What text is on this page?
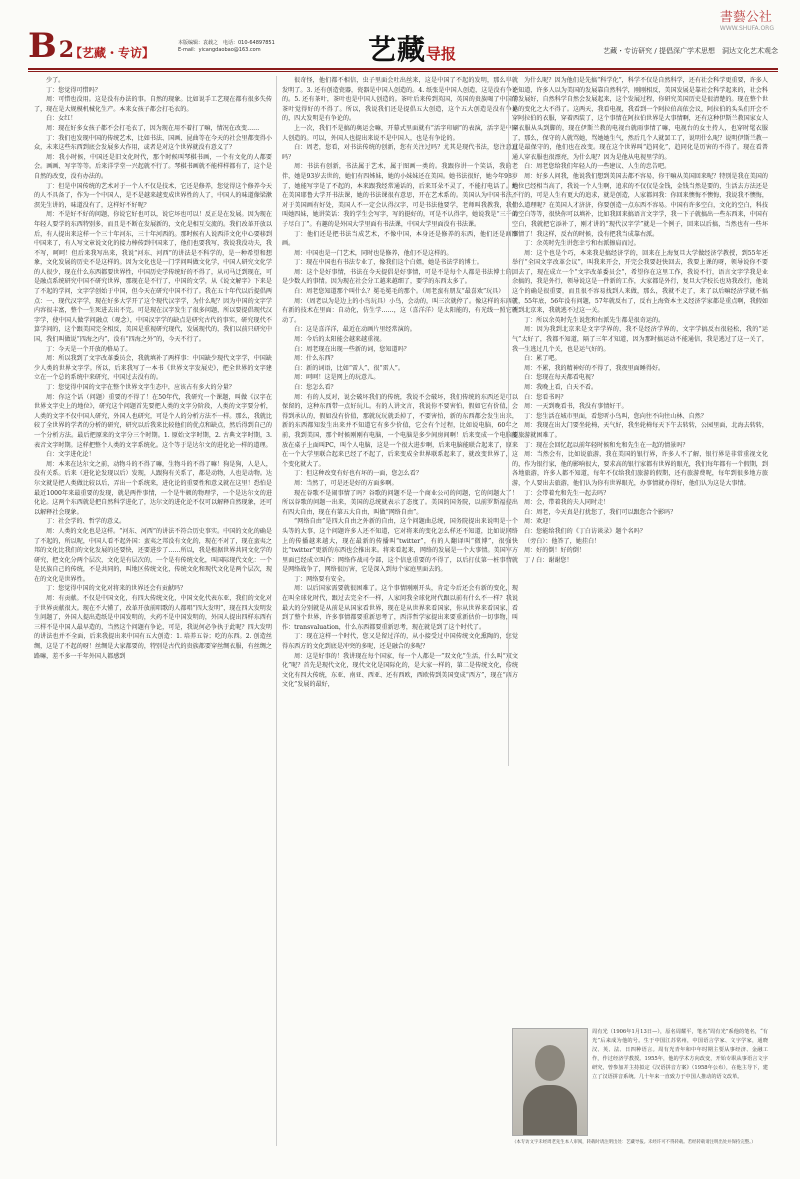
B2
【艺藏・专访】
本版编辑：袁载之　电话：010-64897851
E-mail：yicangdaobao@163.com	艺藏导报	艺藏・专访研究 / 提倡深广学术思想　洞达文化艺术观念
書藝公社
WWW.SHUFA.ORG

少了。

丁：您觉得可惜吗？

周：可惜也没用。这是没有办法的事。自然的现象。比如说手工艺现在都有很多失传了，现在是大规模机械化生产。本来女孩子都会打毛衣的。

白：女红！

周：现在好多女孩子都不会打毛衣了，因为现在用不着打了嘛，情况在改变……

丁：我们也发现中国的传统艺术，比如书法、国画、昆曲等在今天的社会里都变得小众，未来这些东西到底会发展多大作用，或者是对这个世界就没有意义了？

周：我小时候，中国还是旧文化时代，那个时候叫琴棋书画，一个有文化的人都要会。画画、写字等等。后来洋学堂一兴起就不行了。琴棋书画就不能样样都有了，这个是自然的改变，没有办法的。

丁：但是中国传统的艺术对于一个人不仅是技术，它还是修养，您觉得这个修养今天的人不具备了，作为一个中国人，是不是越来越变成世界性的人了，中国人的味道像梁漱溟先生讲的，味道没有了，这样好不好呢？

周：不是好不好的问题，你说它好也可以，说它坏也可以！反正是在发展。因为现在年轻人要学的东西特别多，而且是不断在发展新的，文化是相互交流的。我们改革开放以后，有人提出来这样一个三十年河东，三十年河西的。那时候有人说西洋文化中心要移到中国来了，有人写文章说文化的接力棒传到中国来了，他们也要我写，我说我没功夫，我不写，呵呵！但后来我写出来，我说“河东、河西”的讲法是不科学的，是一种希望和想象，文化发展的历史不是这样的。因为文化也是一门学问叫做文化学，中国人研究文化学的人很少，现在什么东西都要世界性，中国历史学传统好的不得了，从司马迁到现在，可是融点系统研究中国不研究世界，那现在是不行了，中国的文学，从《说文解字》下来是了不起的学问，文字学创始于中国，但今天在研究中国不行了。我在五十年代以后提倡两点：一、现代汉字学，现在好多大学开了这个现代汉字学，为什么呢？因为中国的文字学内容很丰富，整个一生死进去出不完。可是现在汉字发生了很多问题，所以要提倡现代汉字学，使中国人做学问融点（观念），中国汉字学的缺点是研究古代的事实，研究现代不算学问的，这个跟美国完全相反，美国是重视研究现代，发展现代的，我们以前只研究中国，我们叫做说“四海之内”，没有“四海之外”的，今天不行了。

丁：今天是一个开放的格局了。

周：所以我到了文字改革委员会，我就填补了两样事：中国缺少现代文字学，中国缺少人类的世界文字学。所以，后来我写了一本书《世界文字发展史》，把全世界的文字建立在一个总的系统中来研究，中国过去没有的。

丁：您觉得中国的文字在整个世界文字生态中，应该占有多大的分量？

周：你这个话（问题）重要的不得了！在50年代，我研究一个课题，叫做《汉字在世界文字史上的地位》，研究这个问题首先要把人类的文字分阶段，人类的文字要分析，人类的文字不仅中国人研究，外国人也研究，可是个人的分析方法不一样。那么，我就比较了全世界的学者的分析的研究，研究以后我来比较他们的优点和缺点，然后得到自己的一个分析方法。最后把原来的文字分三个时期。1. 原始文字时期，2. 古典文字时期，3. 表音文字时期。这样把整个人类的文字系统化。这个等于是达尔文的进化论一样的道理。

白：文字进化论！

周：本来在达尔文之前，动物斗的不得了嘛，生物斗的不得了嘛！狗是狗，人是人，没有关系。后来（进化论发现以后）发现，人跟狗有关系了，都是动物，人也是动物。达尔文就是把人类做比较以后，弄出一个系统来，进化论的重要性和意义就在这里！恐怕是最近1000年来最重要的发现，就是两件事情，一个是牛顿的物理学，一个是达尔文的进化论。这两个东西就是把自然科学进化了，达尔文的进化论不仅可以解释自然现象，还可以解释社会现象。

丁：社会学的、哲学的意义。

周：人类的文化也是这样。“河东、河西”的讲法不符合历史事实。中国的文化的确是了不起的，所以呢，中国人看不起外国：蛮夷之邦没有文化的，现在不对了，现在蛮夷之邦的文化比我们的文化发展的还要快，还要进步了……所以，我是根据世界共同文化学的研究，把文化分两个层次，文化是有层次的，一个是有传统文化，叫国际现代文化：一个是民族自己的传统，不是共同的，叫地区传统文化，传统文化和现代文化是两个层次，现在的文化是世界性。

丁：您觉得中国的文化对将来的世界还会有贡献吗？

周：有贡献。不仅是中国文化，有四大传统文化，中国文化代表东亚，我们的文化对于世界贡献很大。现在不大懂了，改革开放前唱歌的人都唱“四大发明”，现在四大发明发生问题了，外国人提出造纸是中国发明的，火药不是中国发明的，外国人提出四样东西有三样不是中国人最早造的，当然这个问题有争论，可是，我说何必争执于此呢？四大发明的讲法也并不全面，后来我提出来中国有五大创造：1. 培养五谷；吃的东西。2. 创造丝绸，这是了不起的呀！丝绸是大家都要的，特别是古代的贵族都要穿丝绸衣服，有丝绸之路嘛，差不多一千年外国人都感到

很奇怪，他们都不相信，虫子里面会吐出丝来，这是中国了不起的发明，那么早就发明了。3. 还有创造瓷器，瓷器是中国人创造的。4. 纸张是中国人创造，这是没有争论的。5. 还有茶叶，茶叶也是中国人创造的。茶叶后来传到英国，英国的贵族喝了中国的茶叶觉得好的不得了。所以，我说我们还是提倡五大创造，这个五大创造是没有争论的，四大发明是有争论的。

上一次，我们不是搞的奥运会嘛，开幕式里面就有“活字印刷”的表演，活字是中国人创造的。可以，外国人也提出来说不是中国人，也是有争论的。

白：周老，您看，对书法传统的创新，您有关注过吗？尤其是现代书法，您注意过吗？

周：书法有创新，书法属于艺术，属于图画一类的。我跟你讲一个笑话，我的老伴，她是93岁去世的，她们有四姊妹，她的小妹妹还在美国。她书法很好，她今年98岁了，她能写字是了不起的，本来跟我经常通话的，后来耳朵不灵了，不能打电话了。她在美国耶鲁大学开书法课，她的书法课很有意思，开在艺术系的。美国认为中国书法，对于美国画有好处，美国人不一定会认得汉字，可是书法他要学，老师叫我教我，我们叫她四妹，她讲笑话：我的学生会写字，写的挺好的，可是不认得字，她说我是“三千弟子尽白丁”。有趣的是外国大学里面有书法课，中国大学里面没有书法课。

丁：他们还是把书法当成艺术，不像中国，本身还是修养的东西，他们还是画图画。

周：中国也是一门艺术，同时也是修养，他们不是这样的。

丁：现在中国也有书法专业了，像我们这个白姐，她是书法学的博士。

周：这个是好事情，书法在今天提倡是好事情，可是不是每个人都是书法博士的，是少数人的事情。因为现在社会分工越来越细了，要学的东西太多了。

白：周老您知道那个叫什么？冕毛冕毛的那个。（周老蛮有朋友“最喜欢”玩具）

周：（周老以为是边上的小鸟玩具）小鸟，会动的，叫三次就停了。像这样的东西就有新的技术在里面：自动化，仿生学……，这（喜洋洋）是太阳能的，有光线一照它就动了。

白：这是喜洋洋，最近在动画片里经常演的。

周：今后的太阳能会越来越重视。

白：周老现在出现一些新的词，您知道吗？

周：什么东西？

白：新的词语，比如“雷人”、很“雷人”。

周：呵呵！这是网上的玩意儿。

白：您怎么看？

周：有的人反对，说会破坏我们的传统，我说不会破坏，我们传统的东西还是可以保留的，这种东西带一点好玩儿。有的人讲文言，我说你不要害怕，假如它有价值，会得到承认的，假如没有价值，那就玩玩就丢掉了，不要害怕，新的东西都会发生出来，新的东西都知发生出来并不知道它有多少价值，它会有个过程，比如说电脑，60年之前，我到美国，那个时候刚刚有电脑，一个电脑是多少间房间啊！后来变成一个电脑能放在桌子上面叫PC，叫个人电脑，这是一个很大进步啊，后来电脑能联合起来了，原来在一个大学里联合起来已经了不起了，后来变成全世界联系起来了，就改变世界了，这个变化就大了。

丁：但这种改变有好也有坏的一面，您怎么看？

周：当然了，可是还是好的方面多啊。

现在谷歌不是闹事情了吗？谷歌的问题不是一个商业公司的问题，它的问题大了！所以谷歌的问题一出来，美国的总统就表示了态度了。美国的国务院，以前罗斯福提出有四大自由，现在有第五大自由，叫做“网络自由”。

“网络自由”是四大自由之外新的自由，这个问题曲总统，国务院提出来说明是一个头等的大事，这个问题许多人还不知道，它对将来的变化怎么样还不知道，比如说网络上的传播越来越大，现在最新的传播叫“twitter”，有的人翻译叫“微博”，很强快比“twitter”更新的东西也会推出来。将来看起来，网络的发展是一个大事情。美国军方里面已经成立叫作：网络作战司令部，这个信息重要的不得了，以后打仗第一桩事情就是网络战争了，网络很厉害，它是深入到每个家庭里面去的。

丁：网络要有安全。

周：以后国家需要就很困难了。这个事情刚刚开头，肯定今后还会有新的变化，现在叫全球化时代，跟过去完全不一样，人家问我全球化时代跟以前有什么不一样？我说最大的分别就是从前是从国家看世界，现在是从世界来看国家，你从世界来看国家，看到了整个世界，许多事情都要重新思考了，西洋哲学家提出来要重新估价一切事物，叫作：transvaluation，什么东西都要重新思考，现在就是到了这个时代了。

丁：现在这样一个时代，您又是留过洋的，从小接受过中国传统文化熏陶的，您觉得东西方的文化到底是冲突的多呢，还是融合的多呢？

周：这是好事的！我讲现在每个国家，每一个人都是一“双文化”生活，什么叫“双文化”呢？首先是现代文化，现代文化是国际化的，是大家一样的，第二是传统文化，传统文化有四大传统，东亚、南亚、西亚、还有西欧，西欧传到美国变成“西方”，现在“西方文化”发展的最好，

为什么呢？因为他们是先搞“科学化”，科学不仅是自然科学，还有社会科学更重要，许多人不知道，许多人以为美国的发展靠自然科学，刚刚相反，美国发展是靠社会科学起来的，社会科学发展好，自然科学自然会发展起来，这个发展过程，你研究美国历史是很清楚的。现在整个世界的变化之大不得了。这两天，我看电视，我看到一个阿拉伯高依会议，阿拉伯的头头们开会不穿阿拉伯的衣服，穿着西装了，这个事情在阿拉伯世界是大事情啊，还有这种伊斯兰教国家女人穿衣服从头到脚的，现在伊斯兰教的电视台就雨事情了嘛，电视台的女主持人，也穿时髦衣服了，那么，保守的人就骂她，骂她她生气，然后几个人就罢工了，说明什么呢？说明伊斯兰教一直是最保守的，他们也在改变。现在这个世界叫“趋同化”，趋同化是历害的不得了。现在看普通人穿衣服也很漂亮，为什么呢？因为是他从电视里学的。

白：周老您给我们年轻人的一些建议、人生的忠告吧。

周：好多人问我，他说我们想到美国去都不容易，你干嘛从美国回来呢？特别是我在美国的地位已经相当高了，我说一个人生啊，追求的不仅仅是金钱，金钱当然是要的，生活去方法还是不行的，可是人生有更大的追求，就是创造，人家都问我：你回来懊悔不懊悔，我说我不懊悔，什么道理呢？在美国人才济济，你要创造一点东西不容易。中国有许多空白，文化的空白，科技的空白等等，很快你可以填补，比如我回来搞语言文字学，我一下子就搞出一些东西来，中国有空白，我就把它添补了，刚才讲的“现代汉字学”就是一个例子，回来以后搞，当然也有一些坏事情了！我这样，反右的时候，没有把我当成靠右派。

丁：余英时先生讲您幸亏和右派擦肩而过。

周：这个也是个巧，本来我是搞经济学的，回来在上海复旦大学做经济学教授，到55年还举行“全国文字改革会议”，叫我来开会，开完会我要赶快回去，我要上课的呀，领导说你不要回去了，现在成立一个“文字改革委员会”，希望你在这里工作，我说不行，语言文字学我是业余搞的，我是外行，领导说这是一件新的工作，大家都是外行，复旦大学校长也劝我改行，他说这个的确是很重要，而且很不容易找到人来做，那么，我就不走了，来了以后嘛经济学就不搞了，55年底，56年没有问题，57年就反右了，反右上海资本主义经济学家都是重点啊，我假如不到北京来，我就逃不过这一关。

丁：所以余英时先生说您和右派先生都是很奇运的。

周：因为我到北京来是文字学界的，我不是经济学界的，文字学搞反右很轻松，我的“运气”太好了，我都不知道，隔了三年才知道，因为那时搞运动不能通信，我是逃过了这一关了，我一生逃过几个关，也是运气好的。

白：累了吧。

周：不累，我的精神好的不得了，我夜里面睡得好。

白：您现在每天都看电视？

周：我晚上看，白天不看。

白：您看书吗？

周：一天到晚看书，我没有事情好干。

丁：您生活在城市里面，看您听小鸟叫，您向往不向往山林、自然？

周：我现在出大门要坐轮椅，天气好，我坐轮椅每天下午去转转，公园里面，北海去转转，要旅游就困难了。

丁：现在会回忆起以前年轻时候和允和先生在一起的情景吗？

周：当然会有，比如说旅游，我在美国的银行界，许多人不了解，银行界是非常重视文化的，作为银行家，他的影响很大，要求高的银行家都有世界的眼光，我们每年都有一个假期，到各地旅游，许多人都不知道，每年不仅给我们旅游的假期，还有旅游费呢，每年到很多地方旅游，个人要出去旅游，他们认为你有世界眼光，办事情就办得好，他们认为这是大事情。

丁：会带着允和先生一起去吗？

周：会，带着我的夫人同时走！

白：周老，今天真是打扰您了，我们可以跟您合个影吗？

周：欢迎！

白：您能给我们的《丁白访谈录》题个名吗？

（旁白）：他答了，她挂白！

周：好的倒！好的倒！

丁 / 白：谢谢您！

周有光（1906年1月13日—），原名周耀平，笔名“周有光”系他的笔名，“有光”后来成为他的号。生于中国江苏常州，中国语言学家、文字学家，通晓汉、英、法、日四种语言。周有光青年和中年时期主要从事经济、金融工作，作过经济学教授。1955年，他的学术方向改变，开始专职从事语言文字研究，曾参加并主持拟定《汉语拼音方案》（1958年公布），在他主导下，建立了汉语拼音系统。几十年来一直致力于中国人推动的语文改革。
（本专访文字未经周老先生本人审阅，转载时请注明出处：艺藏导报。未经许可不得转载。若经转载请注明出处并保持完整。）
